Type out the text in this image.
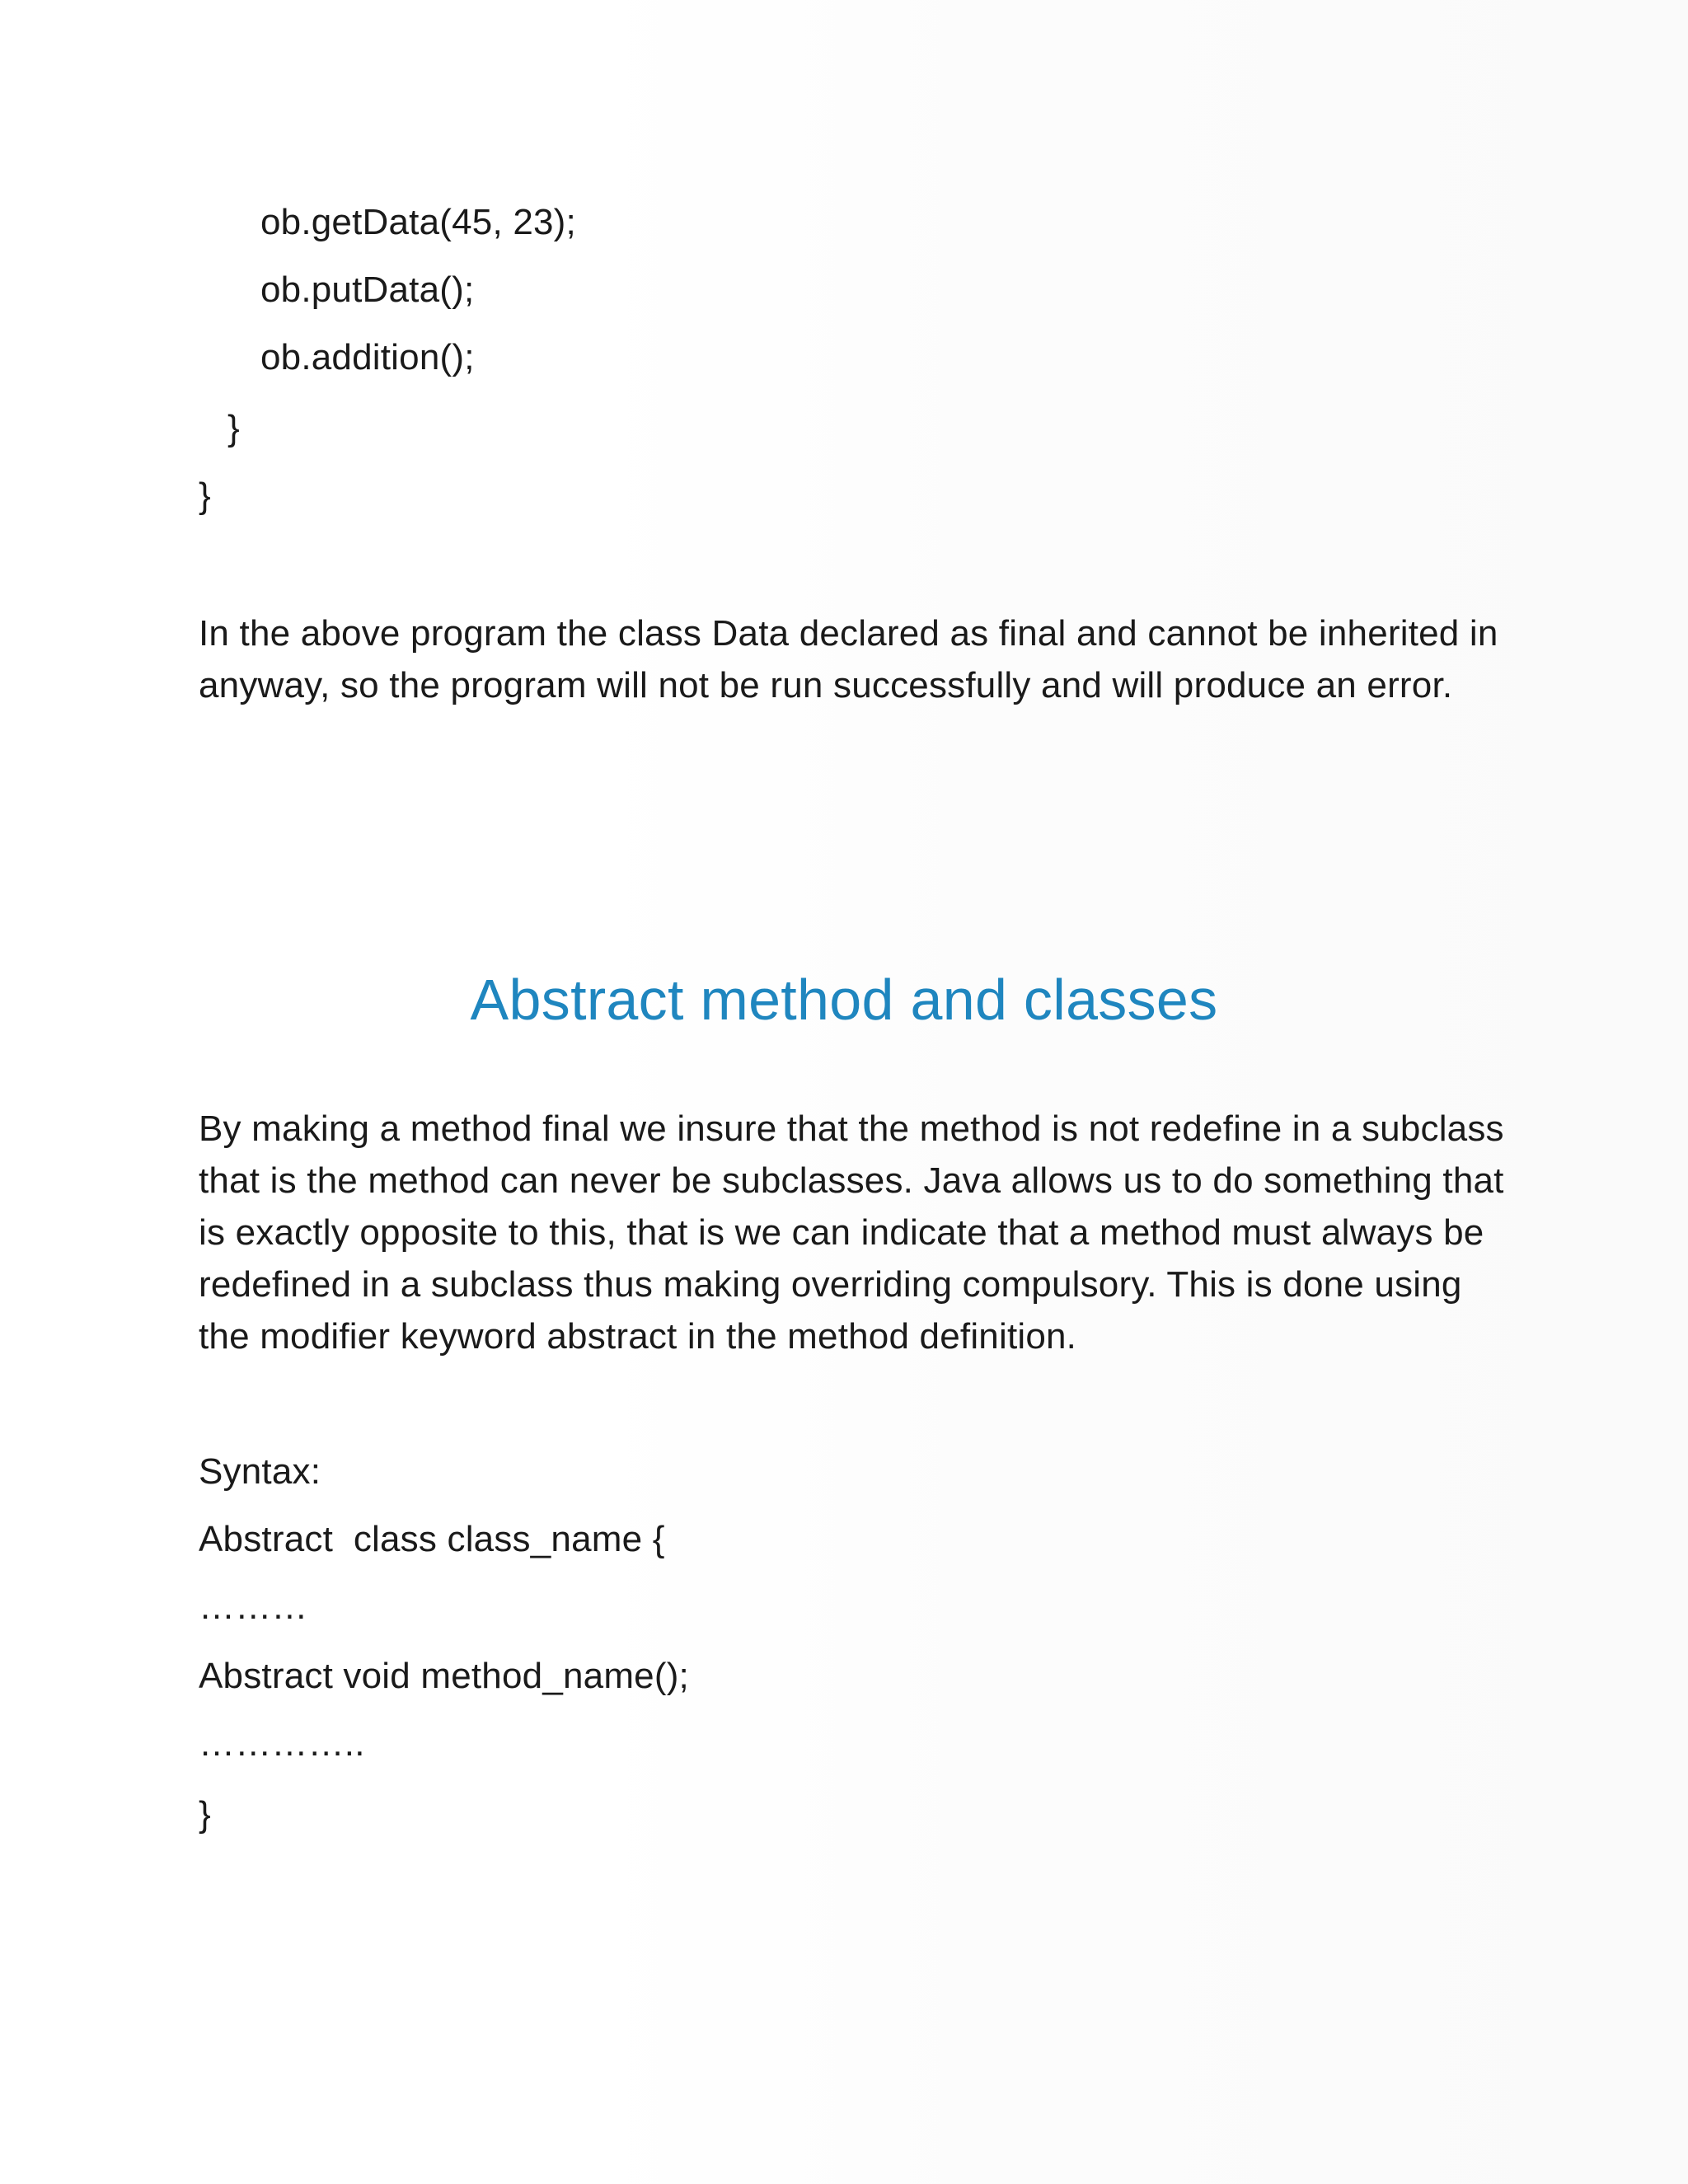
ob.getData(45, 23);
ob.putData();
ob.addition();
}
}
In the above program the class Data declared as final and cannot be inherited in anyway, so the program will not be run successfully and will produce an error.
Abstract method and classes
By making a method final we insure that the method is not redefine in a subclass that is the method can never be subclasses. Java allows us to do something that is exactly opposite to this, that is we can indicate that a method must always be redefined in a subclass thus making overriding compulsory. This is done using the modifier keyword abstract in the method definition.
Syntax:
Abstract  class class_name {
………
Abstract void method_name();
…………..
}
